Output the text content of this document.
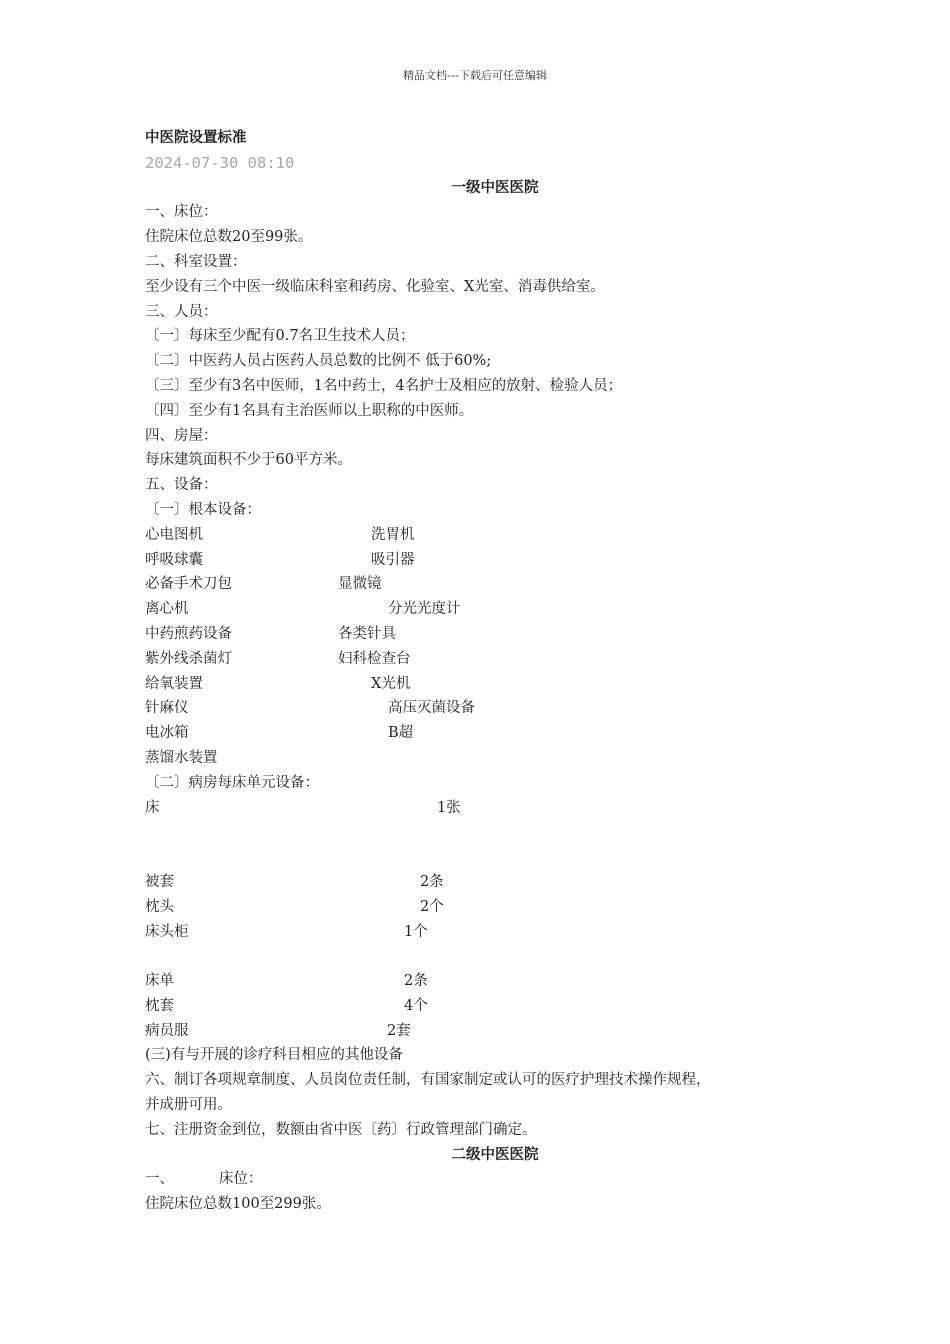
精品文档---下载后可任意编辑
中医院设置标准
2024-07-30 08:10
一级中医医院
一、床位：
住院床位总数20至99张。
二、科室设置：
至少设有三个中医一级临床科室和药房、化验室、X光室、消毒供给室。
三、人员：
〔一〕每床至少配有0.7名卫生技术人员；
〔二〕中医药人员占医药人员总数的比例不 低于60%;
〔三〕至少有3名中医师，1名中药士，4名护士及相应的放射、检验人员；
〔四〕至少有1名具有主治医师以上职称的中医师。
四、房屋：
每床建筑面积不少于60平方米。
五、设备：
〔一〕根本设备：
心电图机	洗胃机
呼吸球囊	吸引器
必备手术刀包	显微镜
离心机	分光光度计
中药煎药设备	各类针具
紫外线杀菌灯	妇科检查台
给氧装置	X光机
针麻仪	高压灭菌设备
电冰箱	B超
蒸馏水装置
〔二〕病房每床单元设备：
床	1张
被套	2条
枕头	2个
床头柜	1个
床单	2条
枕套	4个
病员服	2套
(三)有与开展的诊疗科目相应的其他设备
六、制订各项规章制度、人员岗位责任制，有国家制定或认可的医疗护理技术操作规程，
并成册可用。
七、注册资金到位，数额由省中医〔药〕行政管理部门确定。
二级中医医院
一、	床位：
住院床位总数100至299张。
